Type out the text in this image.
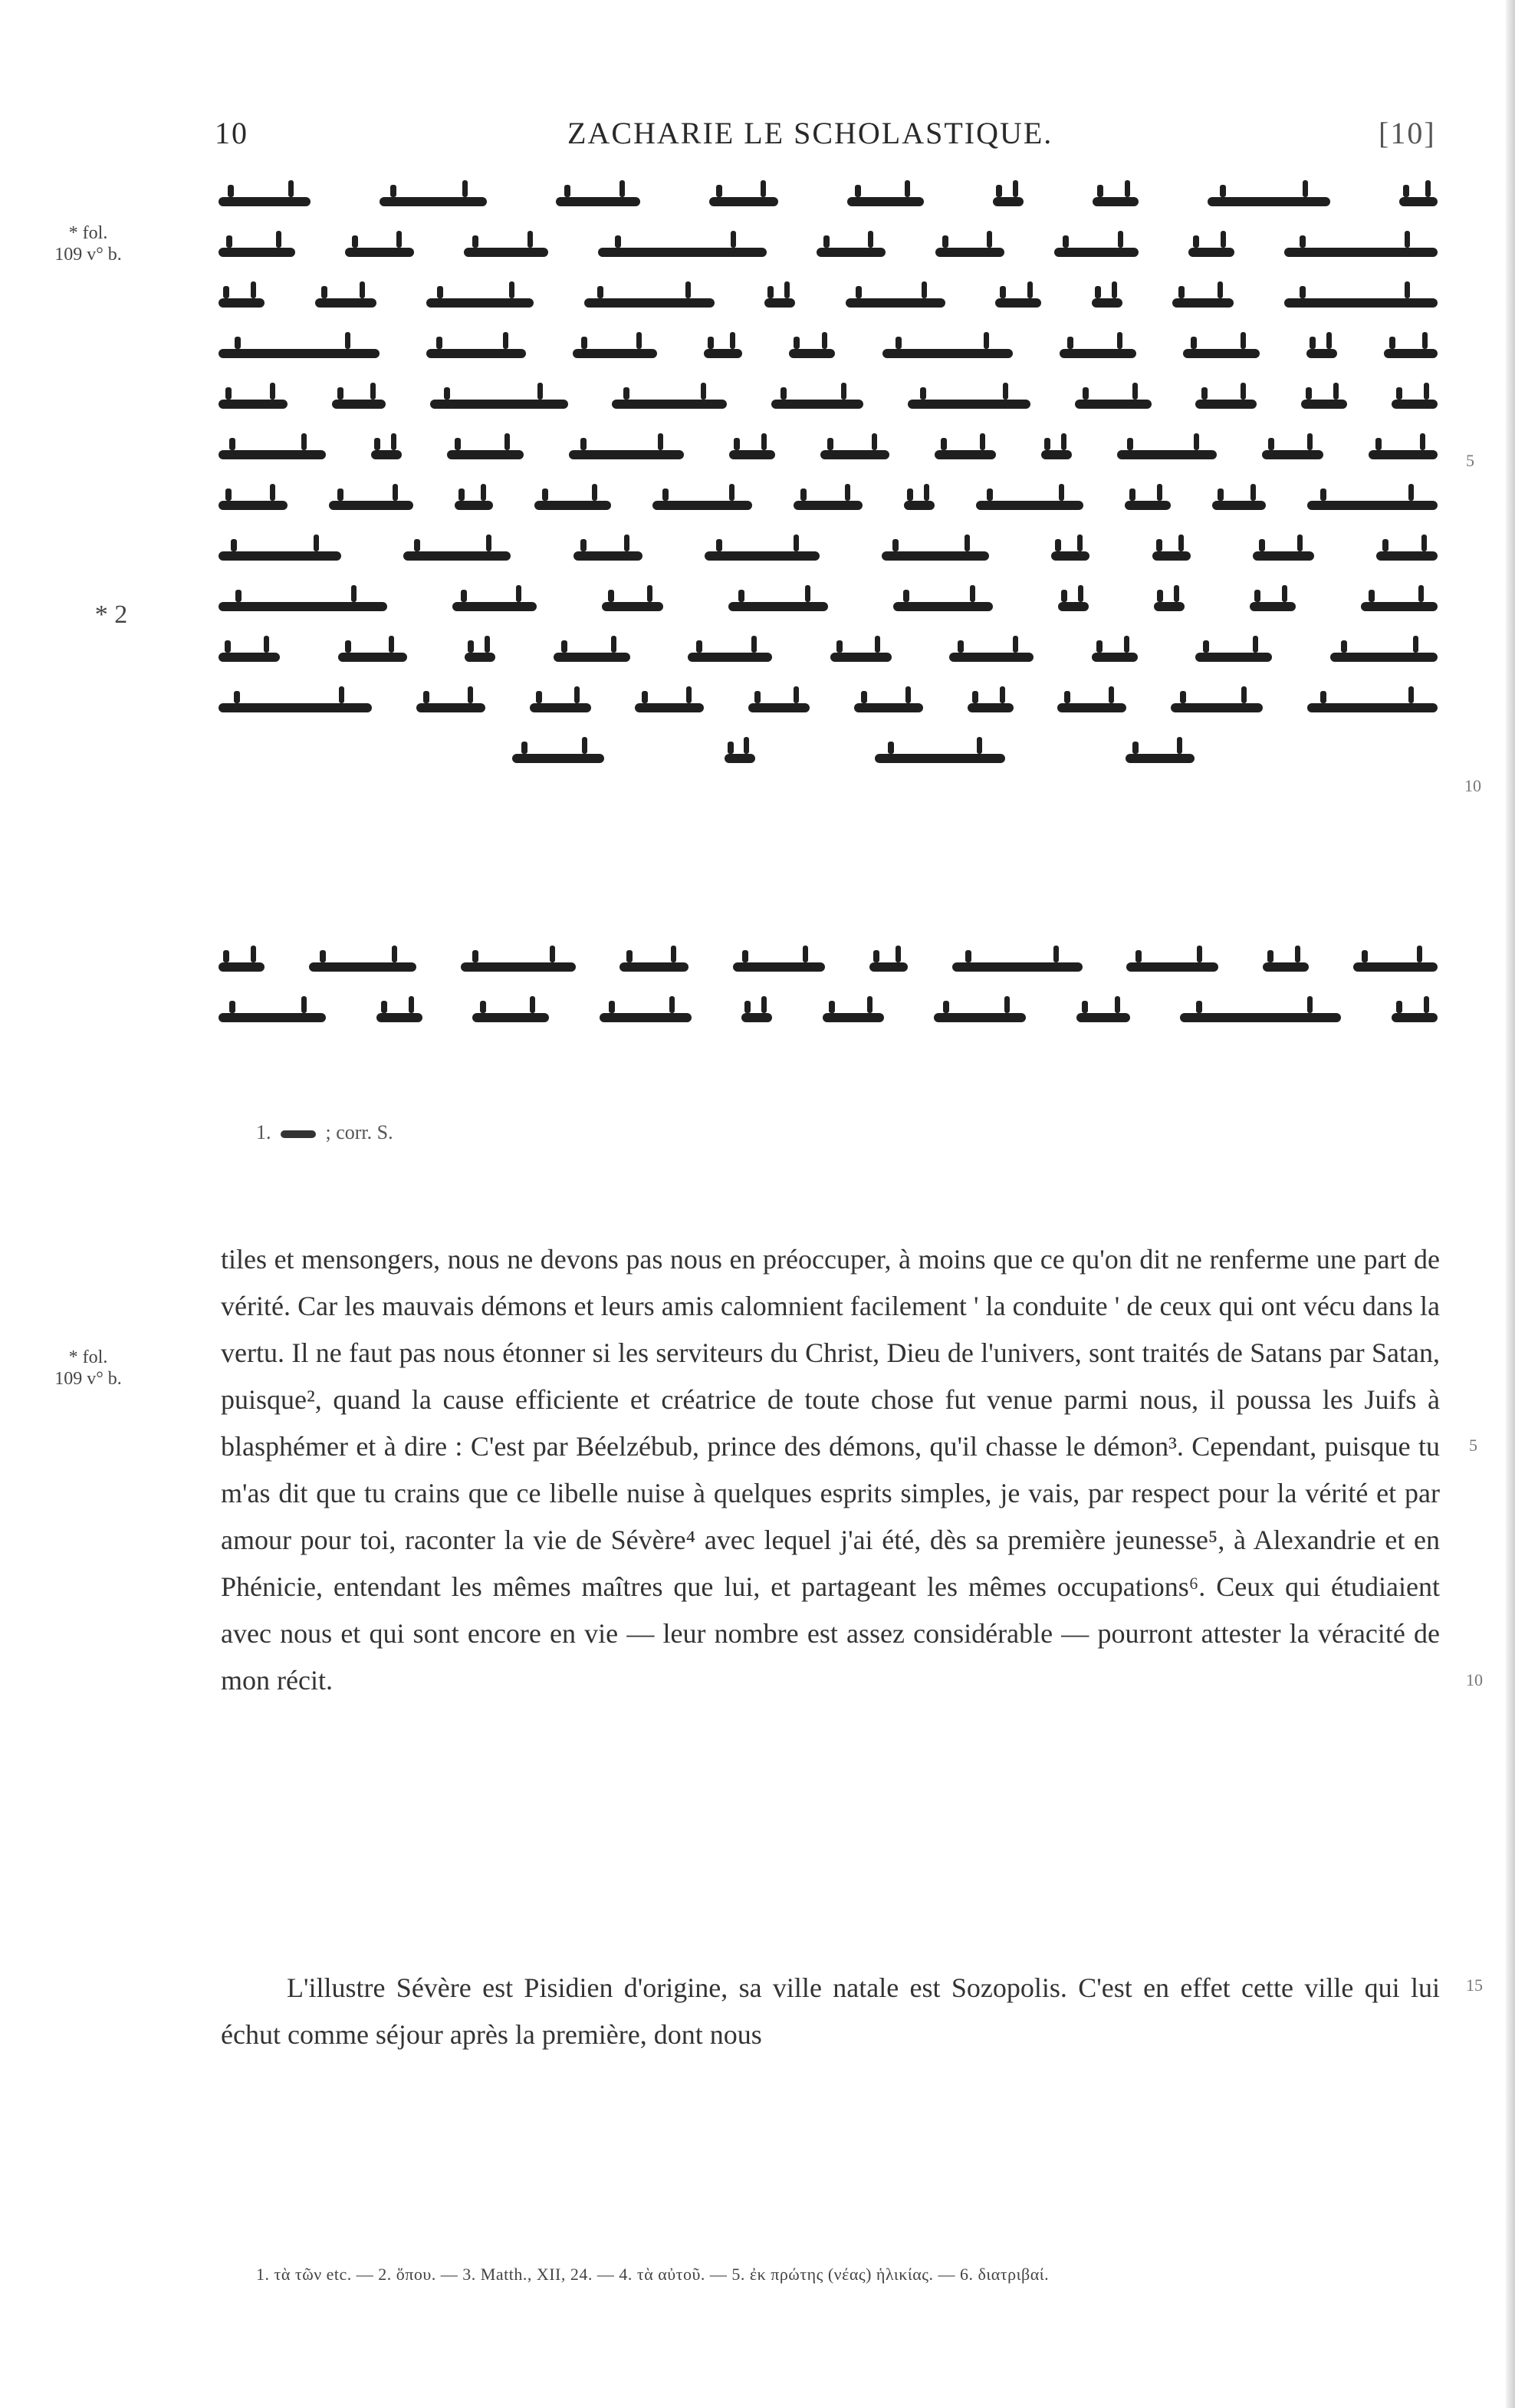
10	ZACHARIE LE SCHOLASTIQUE.	[10]
* fol. 109 v° b.
* 2
* fol. 109 v° b.
5
10
5
10
15
1.	; corr. S.

tiles et mensongers, nous ne devons pas nous en préoccuper, à moins que ce qu'on dit ne renferme une part de vérité. Car les mauvais démons et leurs amis calomnient facilement ' la conduite ' de ceux qui ont vécu dans la vertu. Il ne faut pas nous étonner si les serviteurs du Christ, Dieu de l'univers, sont traités de Satans par Satan, puisque², quand la cause efficiente et créatrice de toute chose fut venue parmi nous, il poussa les Juifs à blasphémer et à dire : C'est par Béelzébub, prince des démons, qu'il chasse le démon³. Cependant, puisque tu m'as dit que tu crains que ce libelle nuise à quelques esprits simples, je vais, par respect pour la vérité et par amour pour toi, raconter la vie de Sévère⁴ avec lequel j'ai été, dès sa première jeunesse⁵, à Alexandrie et en Phénicie, entendant les mêmes maîtres que lui, et partageant les mêmes occupations⁶. Ceux qui étudiaient avec nous et qui sont encore en vie — leur nombre est assez considérable — pourront attester la véracité de mon récit.

L'illustre Sévère est Pisidien d'origine, sa ville natale est Sozopolis. C'est en effet cette ville qui lui échut comme séjour après la première, dont nous

1. τὰ τῶν etc. — 2. ὅπου. — 3. Matth., XII, 24. — 4. τὰ αὐτοῦ. — 5. ἐκ πρώτης (νέας) ἡλικίας. — 6. διατριβαί.
